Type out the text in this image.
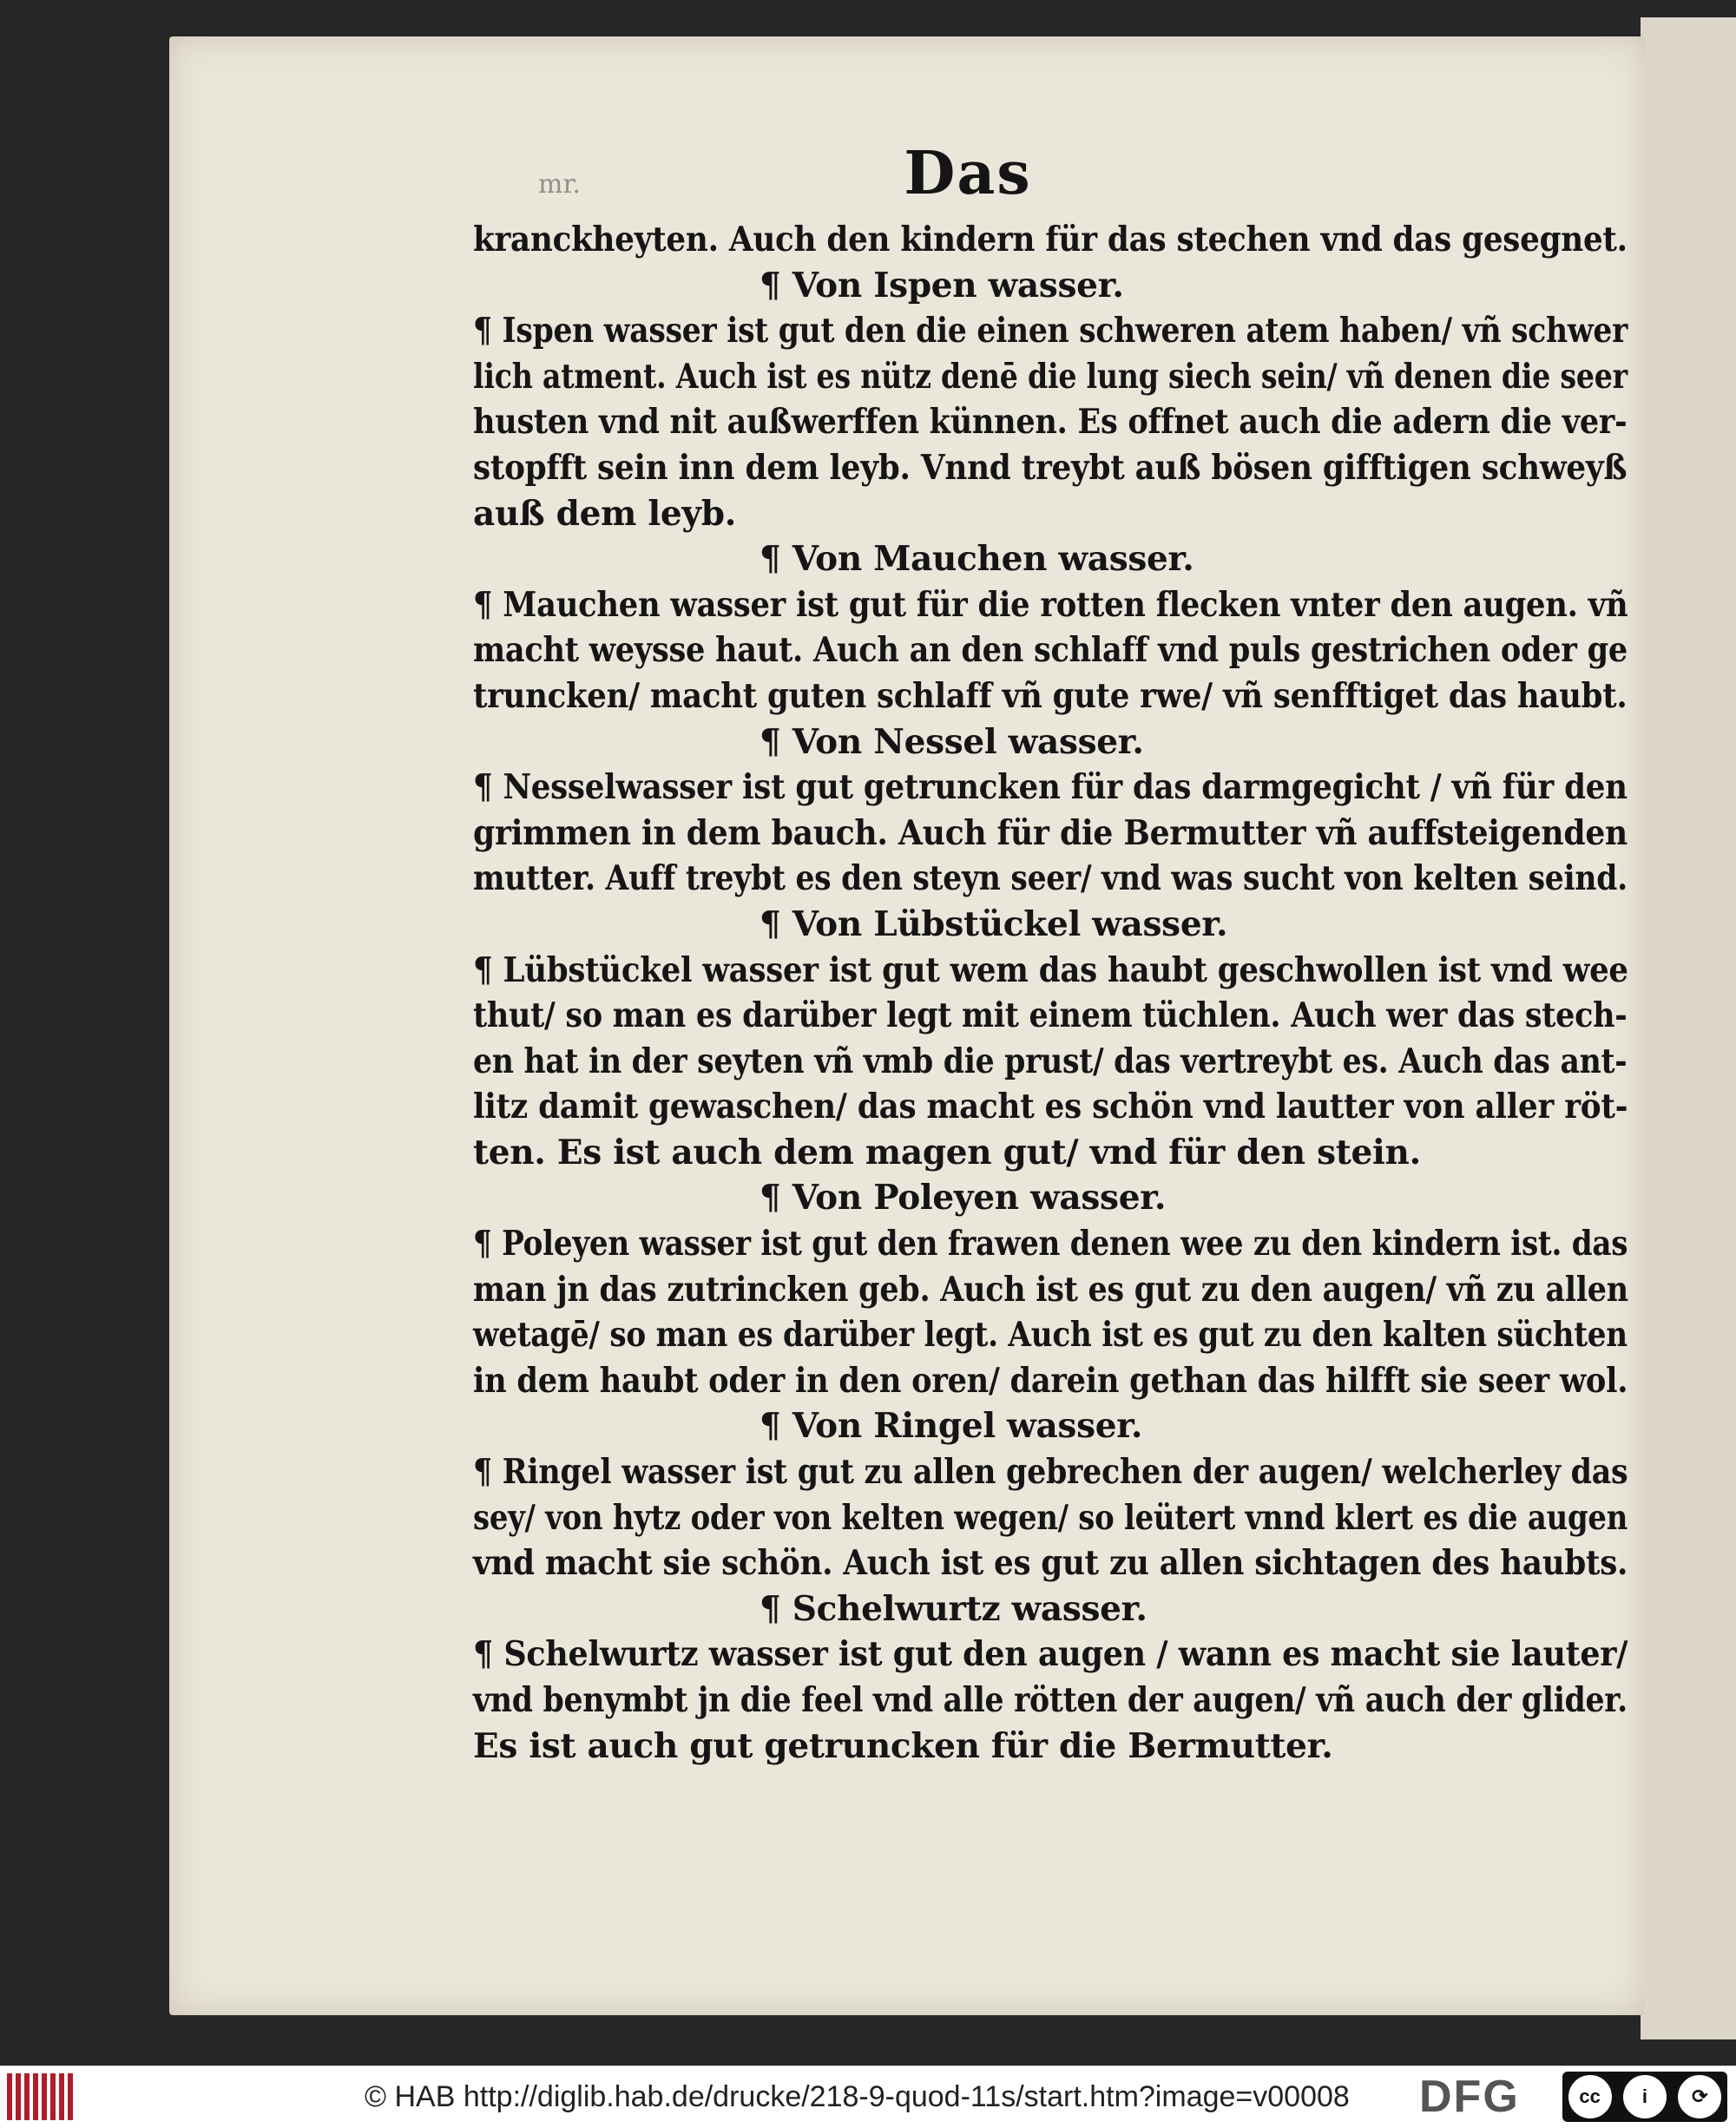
mr.	Das
kranckheyten. Auch den kindern für das stechen vnd das gesegnet.
¶ Von Ispen wasser.
¶ Ispen wasser ist gut den die einen schweren atem haben/ vñ schwer
lich atment. Auch ist es nütz denē die lung siech sein/ vñ denen die seer
husten vnd nit außwerffen künnen. Es offnet auch die adern die ver-
stopfft sein inn dem leyb. Vnnd treybt auß bösen gifftigen schweyß
auß dem leyb.
¶ Von Mauchen wasser.
¶ Mauchen wasser ist gut für die rotten flecken vnter den augen. vñ
macht weysse haut. Auch an den schlaff vnd puls gestrichen oder ge
truncken/ macht guten schlaff vñ gute rwe/ vñ senfftiget das haubt.
¶ Von Nessel wasser.
¶ Nesselwasser ist gut getruncken für das darmgegicht / vñ für den
grimmen in dem bauch. Auch für die Bermutter vñ auffsteigenden
mutter. Auff treybt es den steyn seer/ vnd was sucht von kelten seind.
¶ Von Lübstückel wasser.
¶ Lübstückel wasser ist gut wem das haubt geschwollen ist vnd wee
thut/ so man es darüber legt mit einem tüchlen. Auch wer das stech-
en hat in der seyten vñ vmb die prust/ das vertreybt es. Auch das ant-
litz damit gewaschen/ das macht es schön vnd lautter von aller röt-
ten. Es ist auch dem magen gut/ vnd für den stein.
¶ Von Poleyen wasser.
¶ Poleyen wasser ist gut den frawen denen wee zu den kindern ist. das
man jn das zutrincken geb. Auch ist es gut zu den augen/ vñ zu allen
wetagē/ so man es darüber legt. Auch ist es gut zu den kalten süchten
in dem haubt oder in den oren/ darein gethan das hilfft sie seer wol.
¶ Von Ringel wasser.
¶ Ringel wasser ist gut zu allen gebrechen der augen/ welcherley das
sey/ von hytz oder von kelten wegen/ so leütert vnnd klert es die augen
vnd macht sie schön. Auch ist es gut zu allen sichtagen des haubts.
¶ Schelwurtz wasser.
¶ Schelwurtz wasser ist gut den augen / wann es macht sie lauter/
vnd benymbt jn die feel vnd alle rötten der augen/ vñ auch der glider.
Es ist auch gut getruncken für die Bermutter.
© HAB http://diglib.hab.de/drucke/218-9-quod-11s/start.htm?image=v00008 DFG	cc	i	⟳
